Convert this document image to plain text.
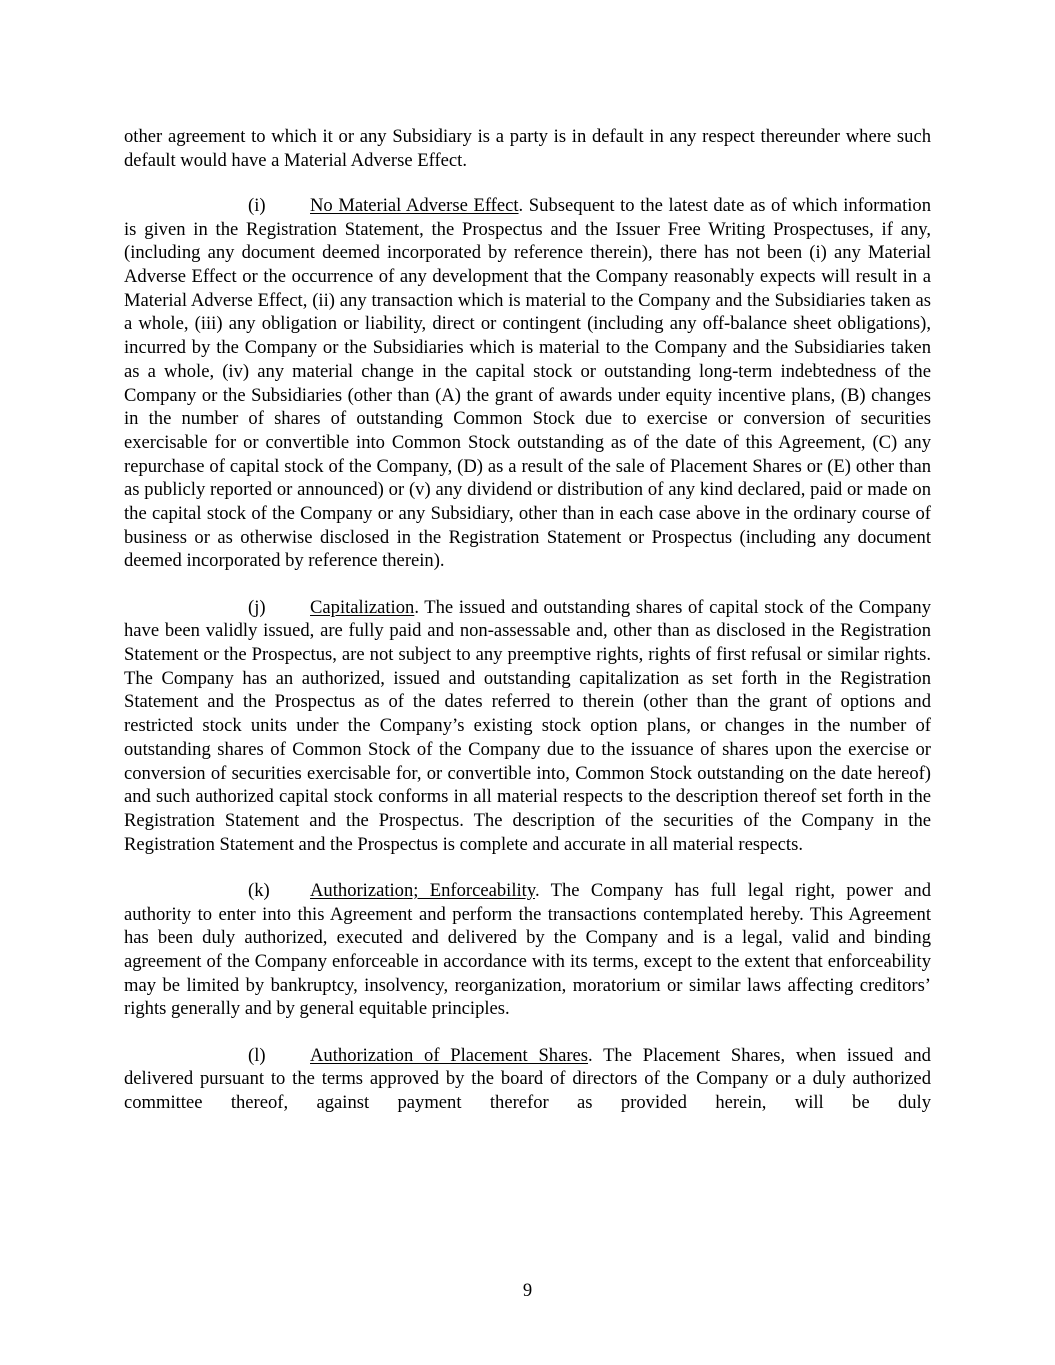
other agreement to which it or any Subsidiary is a party is in default in any respect thereunder where such default would have a Material Adverse Effect.

(i) No Material Adverse Effect. Subsequent to the latest date as of which information is given in the Registration Statement, the Prospectus and the Issuer Free Writing Prospectuses, if any, (including any document deemed incorporated by reference therein), there has not been (i) any Material Adverse Effect or the occurrence of any development that the Company reasonably expects will result in a Material Adverse Effect, (ii) any transaction which is material to the Company and the Subsidiaries taken as a whole, (iii) any obligation or liability, direct or contingent (including any off-balance sheet obligations), incurred by the Company or the Subsidiaries which is material to the Company and the Subsidiaries taken as a whole, (iv) any material change in the capital stock or outstanding long-term indebtedness of the Company or the Subsidiaries (other than (A) the grant of awards under equity incentive plans, (B) changes in the number of shares of outstanding Common Stock due to exercise or conversion of securities exercisable for or convertible into Common Stock outstanding as of the date of this Agreement, (C) any repurchase of capital stock of the Company, (D) as a result of the sale of Placement Shares or (E) other than as publicly reported or announced) or (v) any dividend or distribution of any kind declared, paid or made on the capital stock of the Company or any Subsidiary, other than in each case above in the ordinary course of business or as otherwise disclosed in the Registration Statement or Prospectus (including any document deemed incorporated by reference therein).

(j) Capitalization. The issued and outstanding shares of capital stock of the Company have been validly issued, are fully paid and non-assessable and, other than as disclosed in the Registration Statement or the Prospectus, are not subject to any preemptive rights, rights of first refusal or similar rights. The Company has an authorized, issued and outstanding capitalization as set forth in the Registration Statement and the Prospectus as of the dates referred to therein (other than the grant of options and restricted stock units under the Company’s existing stock option plans, or changes in the number of outstanding shares of Common Stock of the Company due to the issuance of shares upon the exercise or conversion of securities exercisable for, or convertible into, Common Stock outstanding on the date hereof) and such authorized capital stock conforms in all material respects to the description thereof set forth in the Registration Statement and the Prospectus. The description of the securities of the Company in the Registration Statement and the Prospectus is complete and accurate in all material respects.

(k) Authorization; Enforceability. The Company has full legal right, power and authority to enter into this Agreement and perform the transactions contemplated hereby. This Agreement has been duly authorized, executed and delivered by the Company and is a legal, valid and binding agreement of the Company enforceable in accordance with its terms, except to the extent that enforceability may be limited by bankruptcy, insolvency, reorganization, moratorium or similar laws affecting creditors’ rights generally and by general equitable principles.

(l) Authorization of Placement Shares. The Placement Shares, when issued and delivered pursuant to the terms approved by the board of directors of the Company or a duly authorized committee thereof, against payment therefor as provided herein, will be duly

9
